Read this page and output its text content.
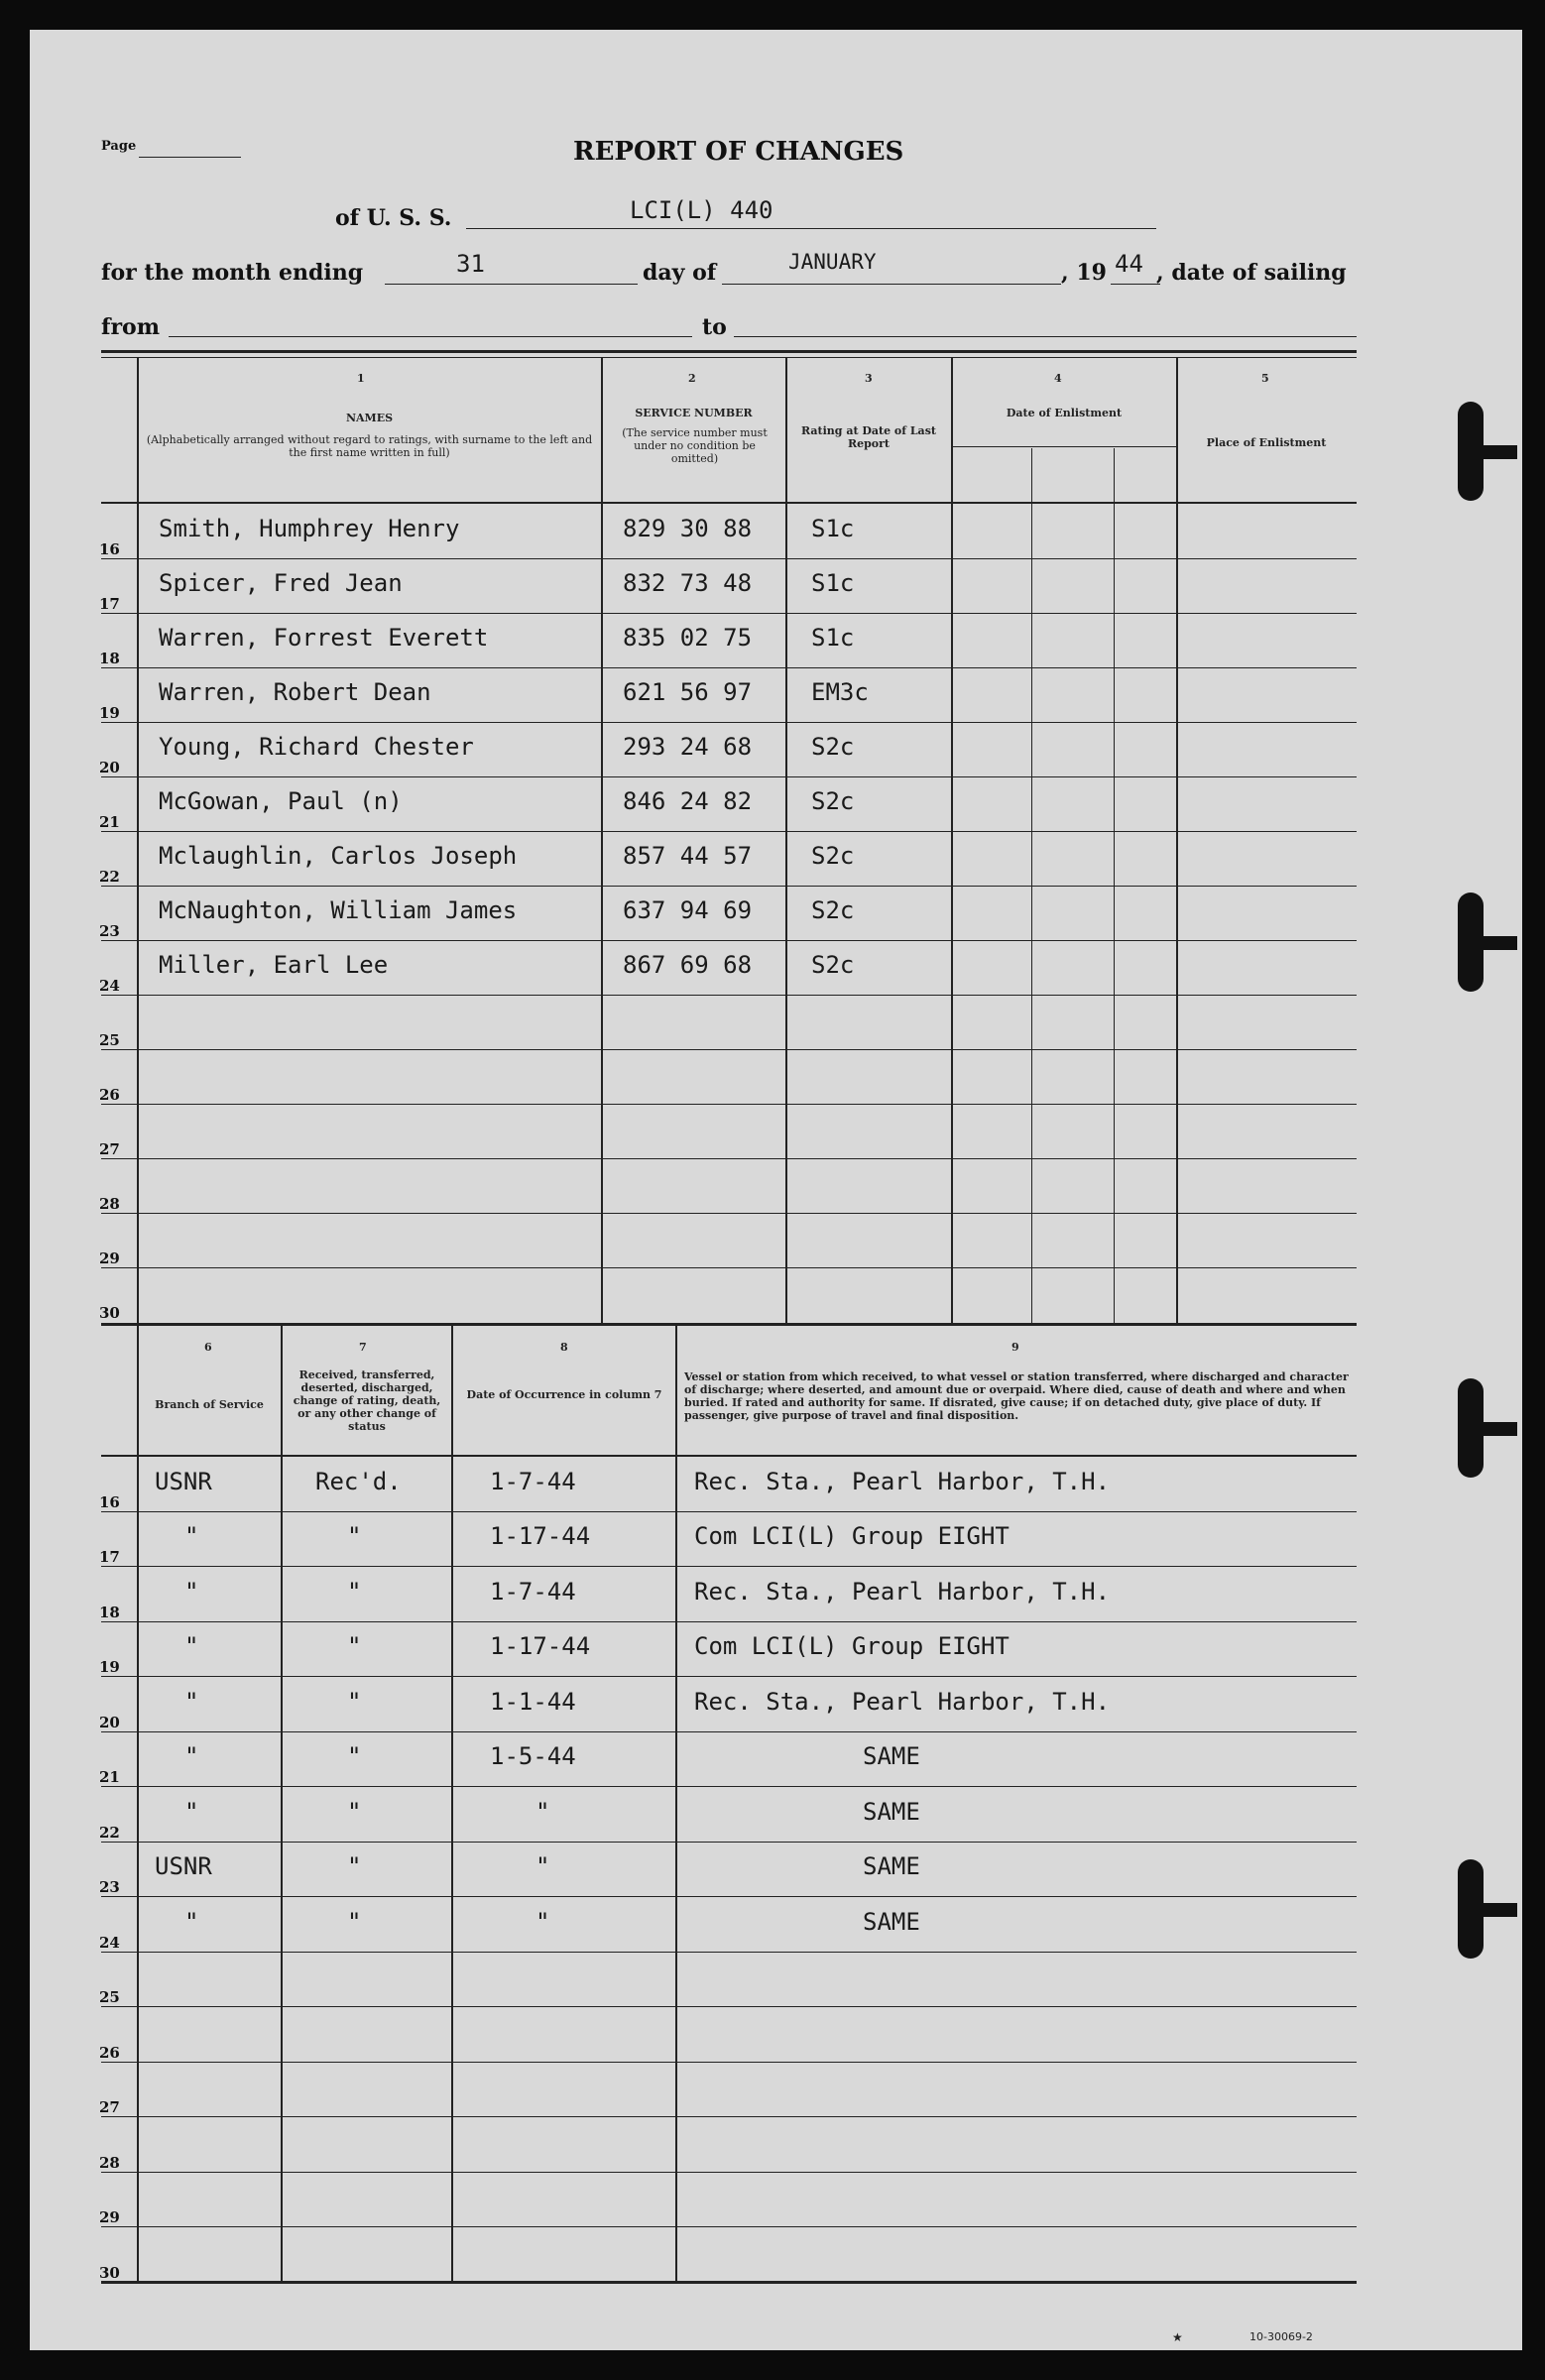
Page	REPORT OF CHANGES
of U. S. S.	LCI(L) 440
for the month ending	31	day of	JANUARY	, 19 44 , date of sailing
from	to
1	2	3	4	5
NAMES
(Alphabetically arranged without regard to ratings, with surname to the left and the first name written in full)
SERVICE NUMBER
(The service number must under no condition be omitted)
Rating at Date of Last Report
Date of Enlistment
Place of Enlistment
16
Smith, Humphrey Henry	829 30 88 S1c
17
Spicer, Fred Jean	832 73 48 S1c
18
Warren, Forrest Everett	835 02 75 S1c
19
Warren, Robert Dean	621 56 97 EM3c
20
Young, Richard Chester	293 24 68 S2c
21
McGowan, Paul (n)	846 24 82 S2c
22
Mclaughlin, Carlos Joseph	857 44 57 S2c
23
McNaughton, William James	637 94 69 S2c
24
Miller, Earl Lee	867 69 68 S2c
25
26
27
28
29
30
6	7	8	9
Branch of Service
Received, transferred, deserted, discharged, change of rating, death, or any other change of status
Date of Occurrence in column 7
Vessel or station from which received, to what vessel or station transferred, where discharged and character of discharge; where deserted, and amount due or overpaid. Where died, cause of death and where and when buried. If rated and authority for same. If disrated, give cause; if on detached duty, give place of duty. If passenger, give purpose of travel and final disposition.
16
USNR	Rec'd.	1-7-44	Rec. Sta., Pearl Harbor, T.H.
17
"	"	1-17-44	Com LCI(L) Group EIGHT
18
"	"	1-7-44	Rec. Sta., Pearl Harbor, T.H.
19
"	"	1-17-44	Com LCI(L) Group EIGHT
20
"	"	1-1-44	Rec. Sta., Pearl Harbor, T.H.
21
"	"	1-5-44	SAME
22
"	"	"	SAME
23
USNR	"	"	SAME
24
"	"	"	SAME
25
26
27
28
29
30
★	10-30069-2
